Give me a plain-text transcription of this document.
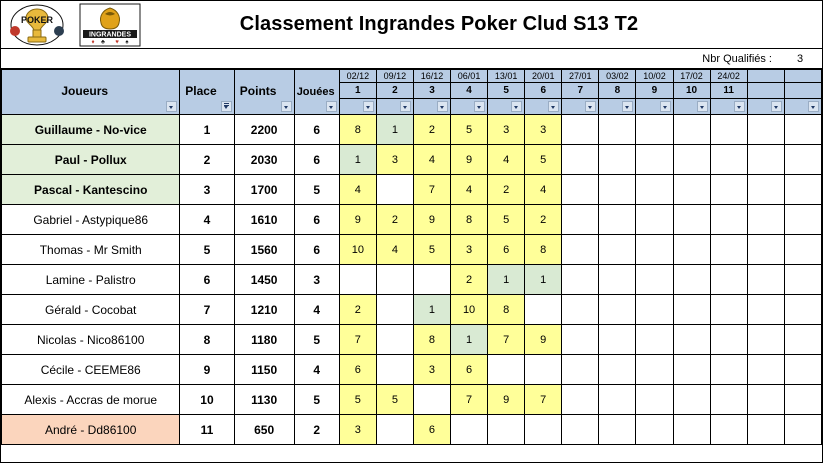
POKER
INGRANDES
♦ ♣ ♥ ♠
Classement Ingrandes Poker Clud S13 T2
Nbr Qualifiés :	3
Joueurs	Place	Points	Jouées	02/12	09/12	16/12	06/01	13/01	20/01	27/01	03/02	10/02	17/02	24/02		
				1	2	3	4	5	6	7	8	9	10	11		

Guillaume - No-vice	1	2200	6	8	1	2	5	3	3							
Paul - Pollux	2	2030	6	1	3	4	9	4	5							
Pascal - Kantescino	3	1700	5	4		7	4	2	4							
Gabriel - Astypique86	4	1610	6	9	2	9	8	5	2							
Thomas - Mr Smith	5	1560	6	10	4	5	3	6	8							
Lamine - Palistro	6	1450	3				2	1	1							
Gérald - Cocobat	7	1210	4	2		1	10	8								
Nicolas - Nico86100	8	1180	5	7		8	1	7	9							
Cécile - CEEME86	9	1150	4	6		3	6									
Alexis - Accras de morue	10	1130	5	5	5		7	9	7							
André - Dd86100	11	650	2	3		6										
